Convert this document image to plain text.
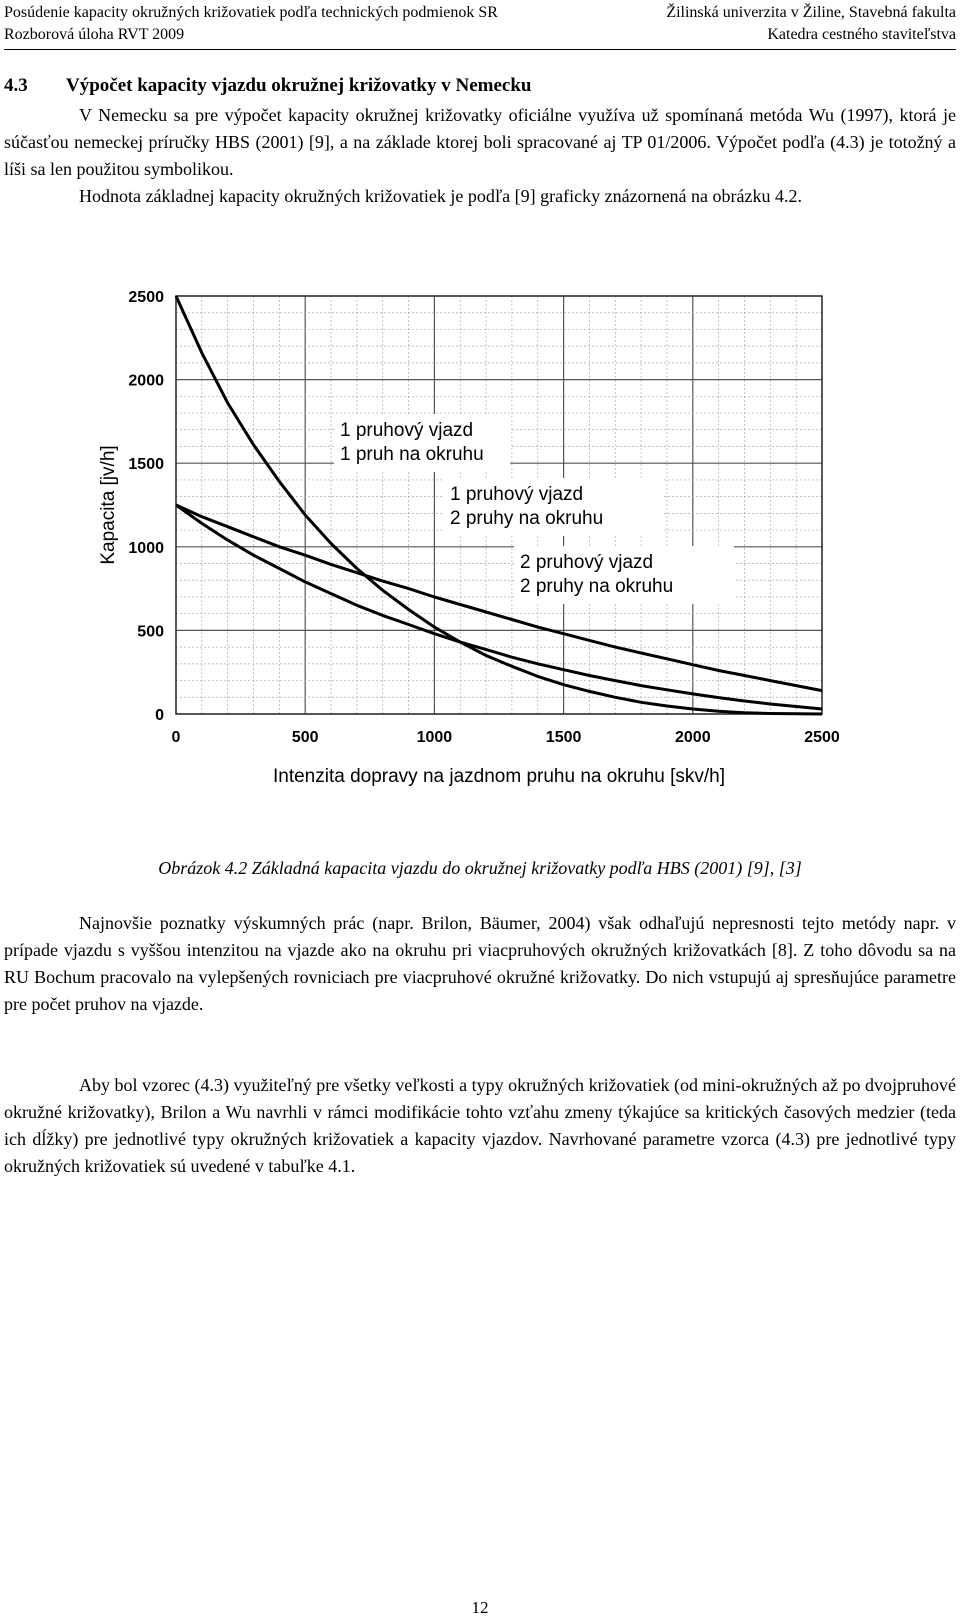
Posúdenie kapacity okružných križovatiek podľa technických podmienok SR
Rozborová úloha RVT 2009
Žilinská univerzita v Žiline, Stavebná fakulta
Katedra cestného staviteľstva
4.3 Výpočet kapacity vjazdu okružnej križovatky v Nemecku
V Nemecku sa pre výpočet kapacity okružnej križovatky oficiálne využíva už spomínaná metóda Wu (1997), ktorá je súčasťou nemeckej príručky HBS (2001) [9], a na základe ktorej boli spracované aj TP 01/2006. Výpočet podľa (4.3) je totožný a líši sa len použitou symbolikou.
Hodnota základnej kapacity okružných križovatiek je podľa [9] graficky znázornená na obrázku 4.2.
0
500
1000
1500
2000
2500
0	500	1000	1500	2000	2500
Intenzita dopravy na jazdnom pruhu na okruhu [skv/h]
Kapacita [jv/h]
1 pruhový vjazd
1 pruh na okruhu
1 pruhový vjazd
2 pruhy na okruhu
2 pruhový vjazd
2 pruhy na okruhu
Obrázok 4.2 Základná kapacita vjazdu do okružnej križovatky podľa HBS (2001) [9], [3]
Najnovšie poznatky výskumných prác (napr. Brilon, Bäumer, 2004) však odhaľujú nepresnosti tejto metódy napr. v prípade vjazdu s vyššou intenzitou na vjazde ako na okruhu pri viacpruhových okružných križovatkách [8]. Z toho dôvodu sa na RU Bochum pracovalo na vylepšených rovniciach pre viacpruhové okružné križovatky. Do nich vstupujú aj spresňujúce parametre pre počet pruhov na vjazde.
Aby bol vzorec (4.3) využiteľný pre všetky veľkosti a typy okružných križovatiek (od mini-okružných až po dvojpruhové okružné križovatky), Brilon a Wu navrhli v rámci modifikácie tohto vzťahu zmeny týkajúce sa kritických časových medzier (teda ich dĺžky) pre jednotlivé typy okružných križovatiek a kapacity vjazdov. Navrhované parametre vzorca (4.3) pre jednotlivé typy okružných križovatiek sú uvedené v tabuľke 4.1.
12
